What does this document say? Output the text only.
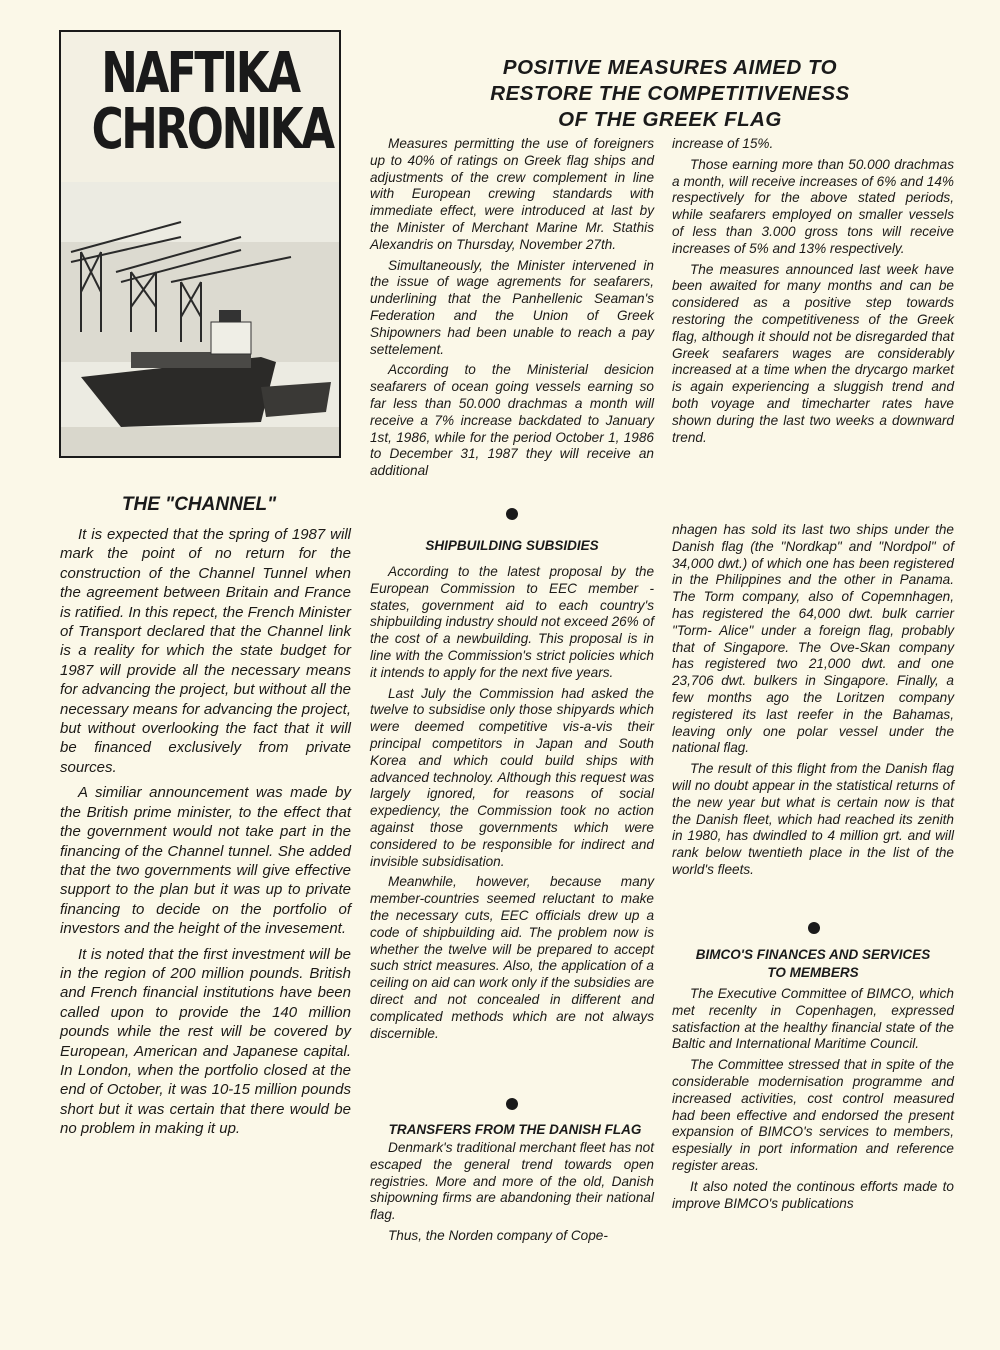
NAFTIKA
CHRONIKA
POSITIVE MEASURES AIMED TO
RESTORE THE COMPETITIVENESS
OF THE GREEK FLAG

Measures permitting the use of foreigners up to 40% of ratings on Greek flag ships and adjustments of the crew complement in line with European crewing standards with immediate effect, were introduced at last by the Minister of Merchant Marine Mr. Stathis Alexandris on Thursday, November 27th.

Simultaneously, the Minister intervened in the issue of wage agrements for seafarers, underlining that the Panhellenic Seaman's Federation and the Union of Greek Shipowners had been unable to reach a pay settelement.

According to the Ministerial desicion seafarers of ocean going vessels earning so far less than 50.000 drachmas a month will receive a 7% increase backdated to January 1st, 1986, while for the period October 1, 1986 to December 31, 1987 they will receive an additional

increase of 15%.

Those earning more than 50.000 drachmas a month, will receive increases of 6% and 14% respectively for the above stated periods, while seafarers employed on smaller vessels of less than 3.000 gross tons will receive increases of 5% and 13% respectively.

The measures announced last week have been awaited for many months and can be considered as a positive step towards restoring the competitiveness of the Greek flag, although it should not be disregarded that Greek seafarers wages are considerably increased at a time when the drycargo market is again experiencing a sluggish trend and both voyage and timecharter rates have shown during the last two weeks a downward trend.

THE "CHANNEL"

It is expected that the spring of 1987 will mark the point of no return for the construction of the Channel Tunnel when the agreement between Britain and France is ratified. In this repect, the French Minister of Transport declared that the Channel link is a reality for which the state budget for 1987 will provide all the necessary means for advancing the project, but without all the necessary means for advancing the project, but without overlooking the fact that it will be financed exclusively from private sources.

A similiar announcement was made by the British prime minister, to the effect that the government would not take part in the financing of the Channel tunnel. She added that the two governments will give effective support to the plan but it was up to private financing to decide on the portfolio of investors and the height of the invesement.

It is noted that the first investment will be in the region of 200 million pounds. British and French financial institutions have been called upon to provide the 140 million pounds while the rest will be covered by European, American and Japanese capital. In London, when the portfolio closed at the end of October, it was 10-15 million pounds short but it was certain that there would be no problem in making it up.

SHIPBUILDING SUBSIDIES

According to the latest proposal by the European Commission to EEC member - states, government aid to each country's shipbuilding industry should not exceed 26% of the cost of a newbuilding. This proposal is in line with the Commission's strict policies which it intends to apply for the next five years.

Last July the Commission had asked the twelve to subsidise only those shipyards which were deemed competitive vis-a-vis their principal competitors in Japan and South Korea and which could build ships with advanced technoloy. Although this request was largely ignored, for reasons of social expediency, the Commission took no action against those governments which were considered to be responsible for indirect and invisible subsidisation.

Meanwhile, however, because many member-countries seemed reluctant to make the necessary cuts, EEC officials drew up a code of shipbuilding aid. The problem now is whether the twelve will be prepared to accept such strict measures. Also, the application of a ceiling on aid can work only if the subsidies are direct and not concealed in different and complicated methods which are not always discernible.

TRANSFERS FROM THE DANISH FLAG

Denmark's traditional merchant fleet has not escaped the general trend towards open registries. More and more of the old, Danish shipowning firms are abandoning their national flag.

Thus, the Norden company of Cope-

nhagen has sold its last two ships under the Danish flag (the "Nordkap" and "Nordpol" of 34,000 dwt.) of which one has been registered in the Philippines and the other in Panama. The Torm company, also of Copemnhagen, has registered the 64,000 dwt. bulk carrier "Torm- Alice" under a foreign flag, probably that of Singapore. The Ove-Skan company has registered two 21,000 dwt. and one 23,706 dwt. bulkers in Singapore. Finally, a few months ago the Loritzen company registered its last reefer in the Bahamas, leaving only one polar vessel under the national flag.

The result of this flight from the Danish flag will no doubt appear in the statistical returns of the new year but what is certain now is that the Danish fleet, which had reached its zenith in 1980, has dwindled to 4 million grt. and will rank below twentieth place in the list of the world's fleets.

BIMCO'S FINANCES AND SERVICES
TO MEMBERS

The Executive Committee of BIMCO, which met recenlty in Copenhagen, expressed satisfaction at the healthy financial state of the Baltic and International Maritime Council.

The Committee stressed that in spite of the considerable modernisation programme and increased activities, cost control measured had been effective and endorsed the present expansion of BIMCO's services to members, espesially in port information and reference register areas.

It also noted the continous efforts made to improve BIMCO's publications
